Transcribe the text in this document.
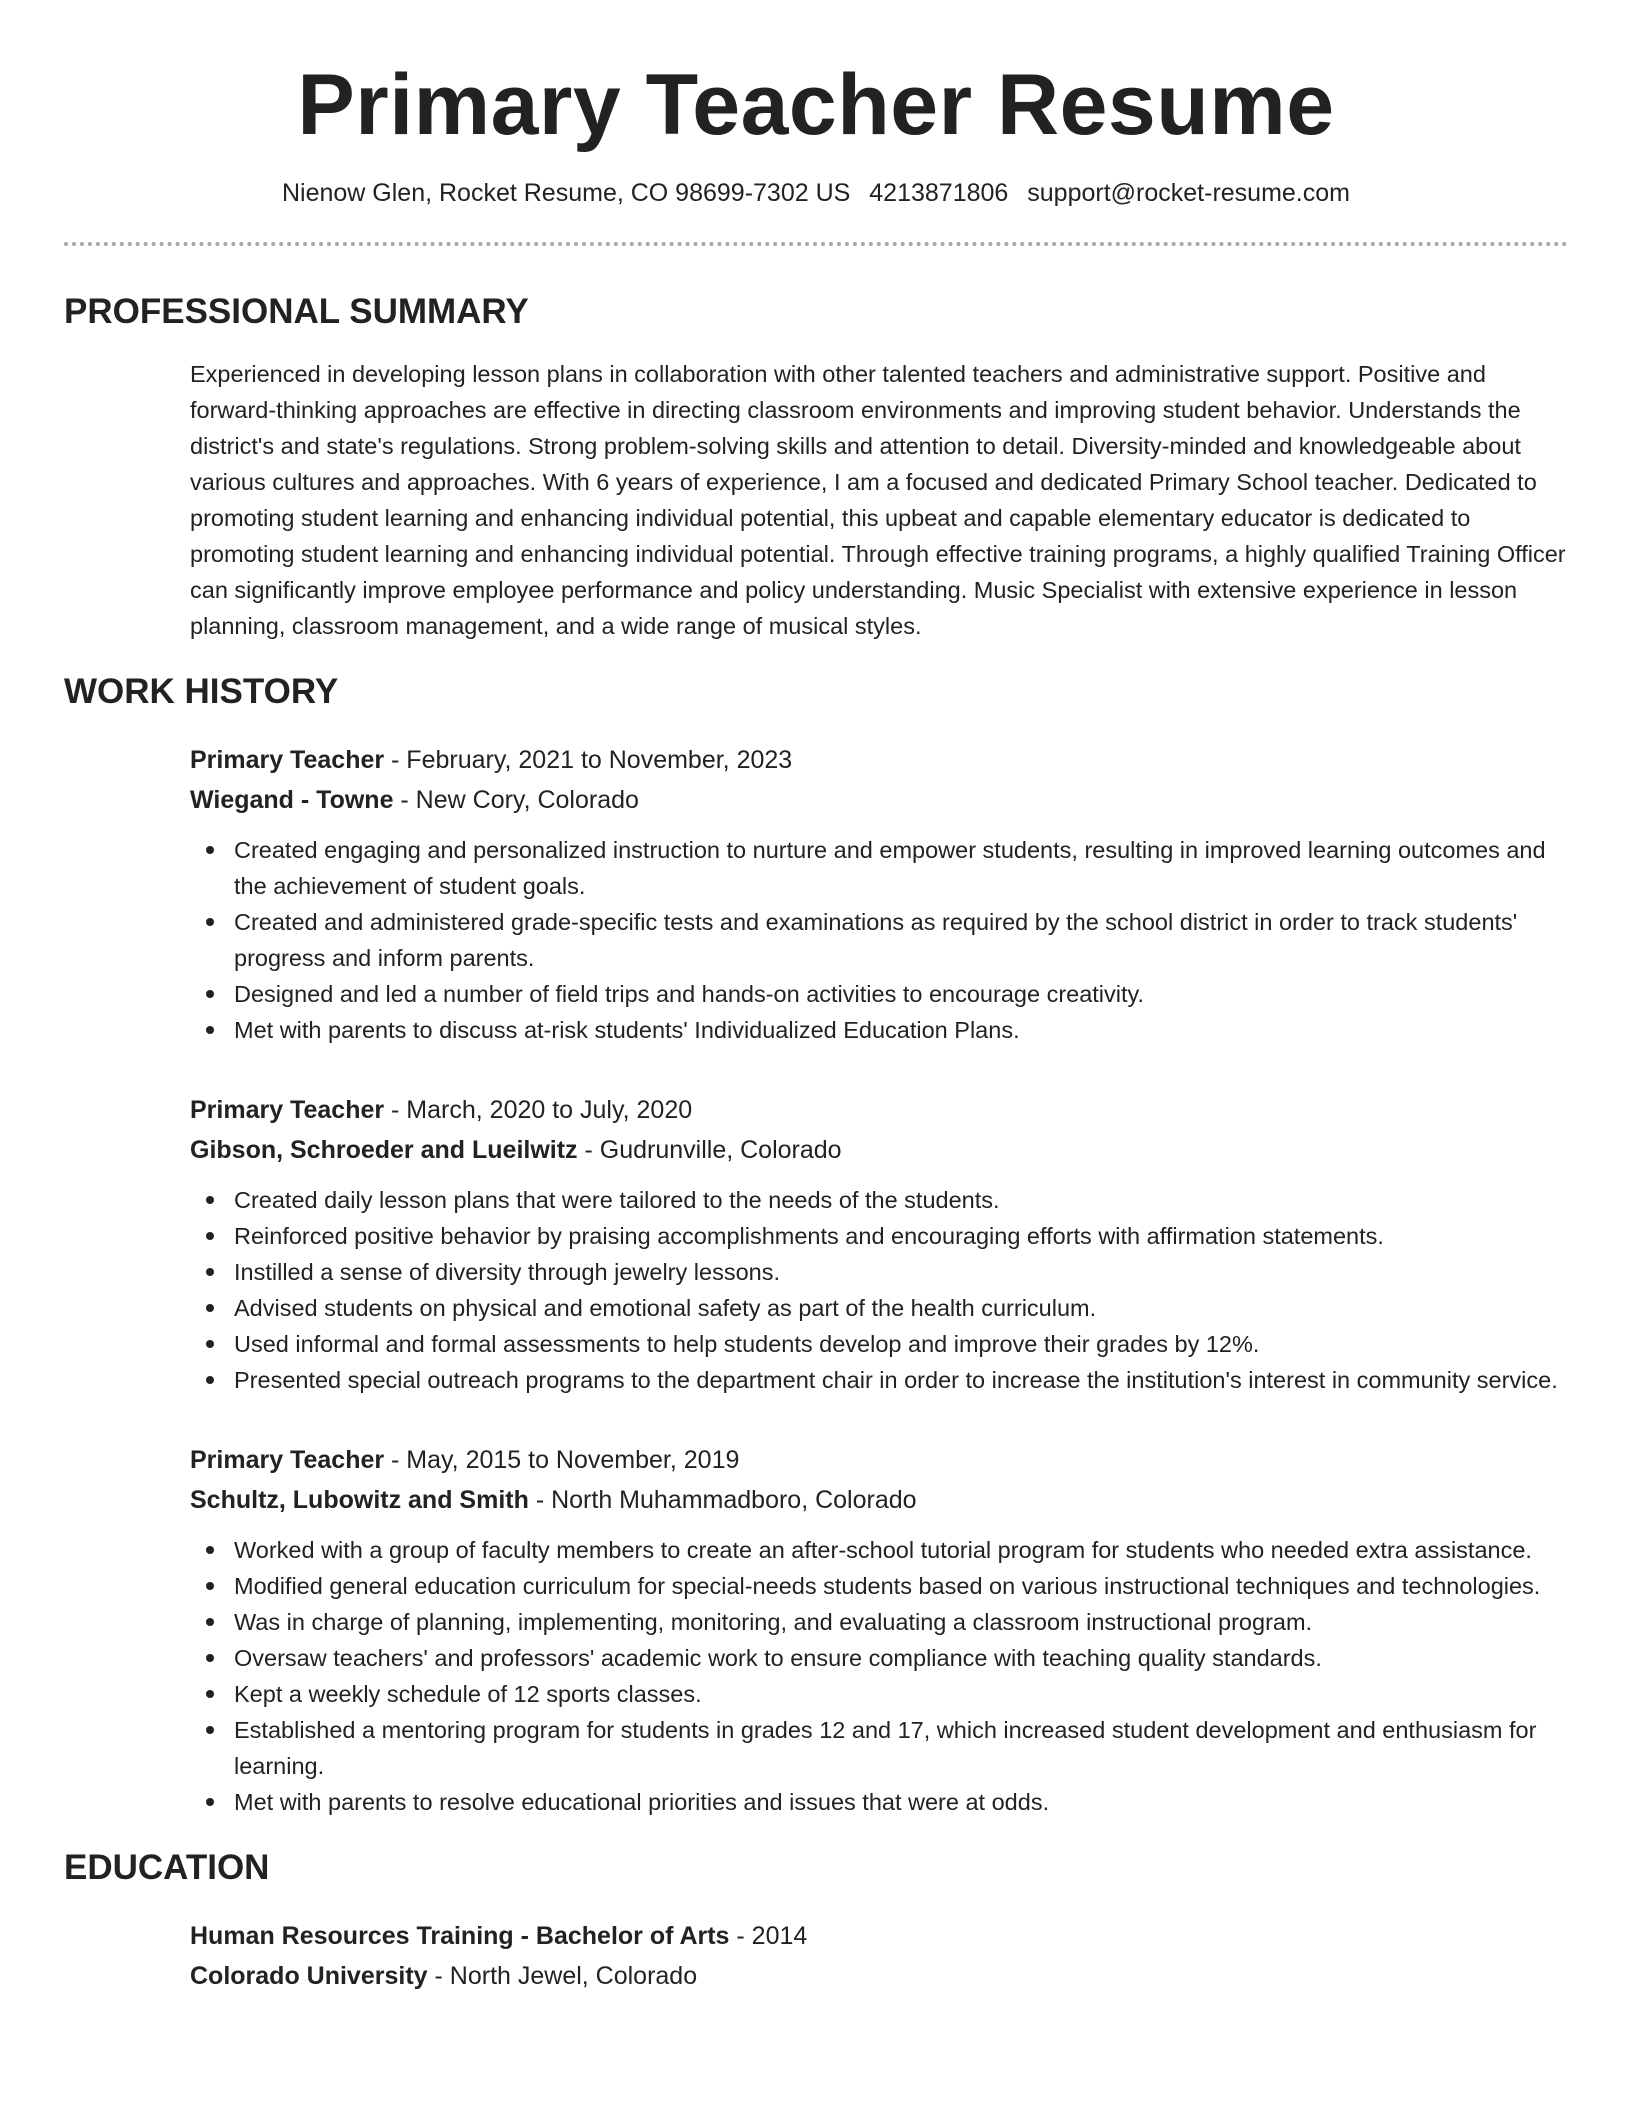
Primary Teacher Resume
Nienow Glen, Rocket Resume, CO 98699-7302 US 4213871806 support@rocket-resume.com
PROFESSIONAL SUMMARY

Experienced in developing lesson plans in collaboration with other talented teachers and administrative support. Positive and forward-thinking approaches are effective in directing classroom environments and improving student behavior. Understands the district's and state's regulations. Strong problem-solving skills and attention to detail. Diversity-minded and knowledgeable about various cultures and approaches. With 6 years of experience, I am a focused and dedicated Primary School teacher. Dedicated to promoting student learning and enhancing individual potential, this upbeat and capable elementary educator is dedicated to promoting student learning and enhancing individual potential. Through effective training programs, a highly qualified Training Officer can significantly improve employee performance and policy understanding. Music Specialist with extensive experience in lesson planning, classroom management, and a wide range of musical styles.

WORK HISTORY
Primary Teacher - February, 2021 to November, 2023
Wiegand - Towne - New Cory, Colorado
Created engaging and personalized instruction to nurture and empower students, resulting in improved learning outcomes and the achievement of student goals.
Created and administered grade-specific tests and examinations as required by the school district in order to track students' progress and inform parents.
Designed and led a number of field trips and hands-on activities to encourage creativity.
Met with parents to discuss at-risk students' Individualized Education Plans.
Primary Teacher - March, 2020 to July, 2020
Gibson, Schroeder and Lueilwitz - Gudrunville, Colorado
Created daily lesson plans that were tailored to the needs of the students.
Reinforced positive behavior by praising accomplishments and encouraging efforts with affirmation statements.
Instilled a sense of diversity through jewelry lessons.
Advised students on physical and emotional safety as part of the health curriculum.
Used informal and formal assessments to help students develop and improve their grades by 12%.
Presented special outreach programs to the department chair in order to increase the institution's interest in community service.
Primary Teacher - May, 2015 to November, 2019
Schultz, Lubowitz and Smith - North Muhammadboro, Colorado
Worked with a group of faculty members to create an after-school tutorial program for students who needed extra assistance.
Modified general education curriculum for special-needs students based on various instructional techniques and technologies.
Was in charge of planning, implementing, monitoring, and evaluating a classroom instructional program.
Oversaw teachers' and professors' academic work to ensure compliance with teaching quality standards.
Kept a weekly schedule of 12 sports classes.
Established a mentoring program for students in grades 12 and 17, which increased student development and enthusiasm for learning.
Met with parents to resolve educational priorities and issues that were at odds.
EDUCATION
Human Resources Training - Bachelor of Arts - 2014
Colorado University - North Jewel, Colorado
